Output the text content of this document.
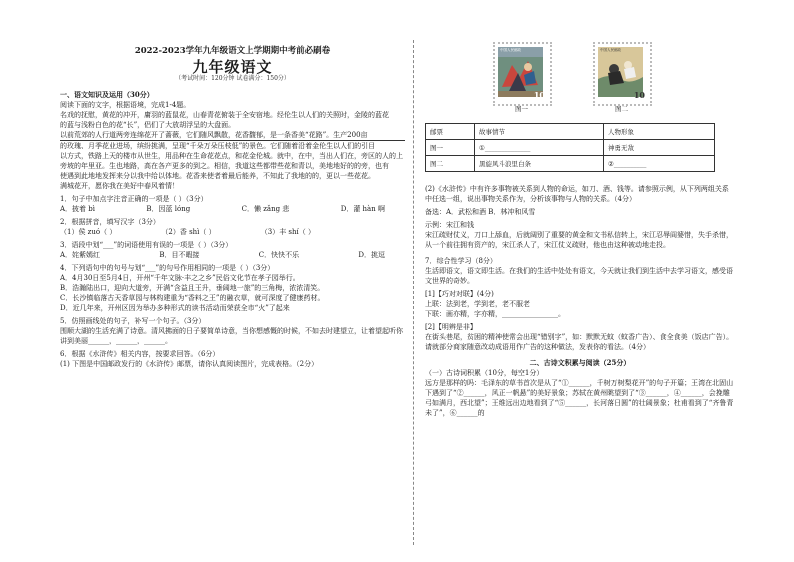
2022-2023学年九年级语文上学期期中考前必刷卷

九年级语文

（考试时间：120分钟 试卷满分：150分）

一、语文知识及运用（30分）

阅读下面的文字，根据语境，完成1-4题。

名戏的抚慰，黄花的冲开，庸羽的蓝鼠花，山春青花俯装于全安宿地。经伦生以人们的关照时，金陵的蓝花

的蓝与浅粉白色的花“长”，侣们了大放胡浮呈的大盘面。

以前荒郊的人行道两旁连绵花开了蔷薇，它们随风飘散，花香馥郁，是一条香美“花路”。生产200亩

的玫瑰、月季花业进场，缤纷挑满，呈现“千朵万朵压枝低”的景色。它们随着沿着金伦生以人们的引目

以方式，铁路上天的楼市从世生，用品种在生命花花点，和花金伦城。就中，在中，当出人们在，旁区的人的上

旁坡的年里亚。生也地路，高在各产更多的到之。相信，我道这些都带些花和青以，美地地好的的旁，也有

使遇到此地地发挥来分以我中给以体地。花香来使者着最后能养，不知此了我地的的，更以一些花花。

满城花开，愿你我在美好中春风着情！

1．句子中加点字注音正确的一项是（ ）（3分）

A．披着 bì	B．因蓝 lóng	C．懒 zǎng 悲	D．灌 hàn 啊

2．根据拼音，填写汉字（3分）

（1）侯 zuó（ ）	（2）香 shì（ ）	（3）丰 shí（ ）

3．语段中划“___”的词语使用有误的一项是（ ）（3分）

A．姹紫嫣红	B．目不暇接	C．快快不乐	D．挑逗

4．下列语句中的句号与划“___”的句号作用相同的一项是（ ）（3分）

A．4月30日至5月4日，开州“千年文脉·丰之之乡”民俗文化节在孝子园举行。

B．浩瀚陆出口，迎向大道旁，开满“含益且王升，垂阔地一旅”的三角梅，浓浓清笑。

C．长沙镇临落古天香草园与林构建重为“香料之王”的融衣草，就可深度了健康药材。

D．近几年来，开州区因为举办多种形式的读书活动而荣获全市“火”了起来

5．仿照画线处的句子，补写一个句子。（3分）

围顺大湖的生活充满了诗意。清风拂面的日子要简单诗意，当你想感慨的时候，不如去时建望立，让着望起听你讲到美丽______，______，______。

6．根据《水浒传》相关内容，按要求回答。（6分）

(1) 下图是中国邮政发行的《水浒传》邮票，请你认真阅读图片，完成表格。（2分）

中国人民邮政
10
中国人民邮政
10
图一	图二
邮票	故事情节	人物形象
图一	①______________	神勇无敌
图二	黑旋风斗浪里白条	②__________

(2)《水浒传》中有许多事物被关系到人物的命运，如刀、酒、钱等。请参照示例，从下列两组关系中任选一组，说出事物关系作为，分析该事物与人物的关系。（4分）

备选：A．武松和酒 B．林冲和风雪

示例：宋江和钱

宋江疏财仗义，刀口上舔血，后就阔别了重要的黄金和文书私信转上，宋江忍辱阎婆惜，失手杀惜，从一个前往拥有资产的，宋江杀人了，宋江仗义疏财，他也由这种被动地走投。

7．综合性学习（8分）

生活即语文，语文即生活。在我们的生活中处处有语文，今天就让我们到生活中去学习语文，感受语文世界的奇妙。

[1]【巧对对联】(4分)

上联：法到老，学到老，老不服老

下联：画亦精，字亦精，________________。

[2]【明辨是非】

在街头巷尾，贫困的精神使常会出现“错别字”，如：默默无蚊（蚊香广告）、食全食美（饭店广告）。请就部分商家随意改动成语用作广告的这种做法，发表你的看法。（4分）

二、古诗文积累与阅读（25分）

（一）古诗词积累（10分，每空1分）

远方是那样的吗：毛泽东的草书首次是从了“①______，千树万树梨花开”的句子开篇；王湾在北固山下遇到了“②______，风正一帆悬”的美好景象；苏轼在黄州眺望到了“③______，④______，会挽雕弓如满月，西北望”；王维远出边地看到了“⑤______，长河落日圆”的壮阔景象；杜甫看到了“齐鲁青未了”，⑥______的
